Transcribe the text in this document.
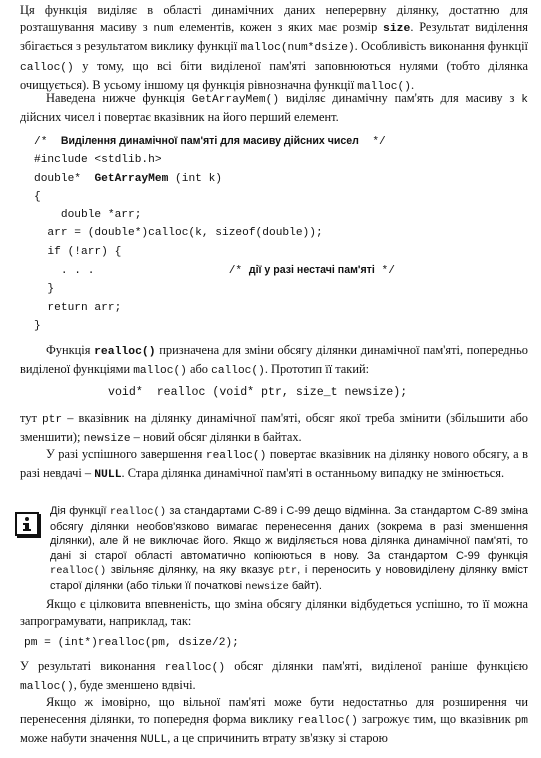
Ця функція виділяє в області динамічних даних неперервну ділянку, достатню для розташування масиву з num елементів, кожен з яких має розмір size. Результат виділення збігається з результатом виклику функції malloc(num*dsize). Особливість виконання функції calloc() у тому, що всі біти виділеної пам'яті заповнюються нулями (тобто ділянка очищується). В усьому іншому ця функція рівнозначна функції malloc().

Наведена нижче функція GetArrayMem() виділяє динамічну пам'ять для масиву з k дійсних чисел і повертає вказівник на його перший елемент.

/*  Виділення динамічної пам'яті для масиву дійсних чисел  */
#include <stdlib.h>
double*  GetArrayMem (int k)
{
double *arr;
arr = (double*)calloc(k, sizeof(double));
if (!arr) {
. . .                    /* дії у разі нестачі пам'яті */
}
return arr;
}

Функція realloc() призначена для зміни обсягу ділянки динамічної пам'яті, попередньо виділеної функціями malloc() або calloc(). Прототип її такий:

void*  realloc (void* ptr, size_t newsize);

тут ptr – вказівник на ділянку динамічної пам'яті, обсяг якої треба змінити (збільшити або зменшити); newsize – новий обсяг ділянки в байтах.

У разі успішного завершення realloc() повертає вказівник на ділянку нового обсягу, а в разі невдачі – NULL. Стара ділянка динамічної пам'яті в останньому випадку не змінюється.

Дія функції realloc() за стандартами С-89 і С-99 дещо відмінна. За стандартом С-89 зміна обсягу ділянки необов'язково вимагає перенесення даних (зокрема в разі зменшення ділянки), але й не виключає його. Якщо ж виділяється нова ділянка динамічної пам'яті, то дані зі старої області автоматично копіюються в нову. За стандартом С-99 функція realloc() звільняє ділянку, на яку вказує ptr, і переносить у нововиділену ділянку вміст старої ділянки (або тільки її початкові newsize байт).

Якщо є цілковита впевненість, що зміна обсягу ділянки відбудеться успішно, то її можна запрограмувати, наприклад, так:

pm = (int*)realloc(pm, dsize/2);

У результаті виконання realloc() обсяг ділянки пам'яті, виділеної раніше функцією malloc(), буде зменшено вдвічі.

Якщо ж імовірно, що вільної пам'яті може бути недостатньо для розширення чи перенесення ділянки, то попередня форма виклику realloc() загрожує тим, що вказівник pm може набути значення NULL, а це спричинить втрату зв'язку зі старою
